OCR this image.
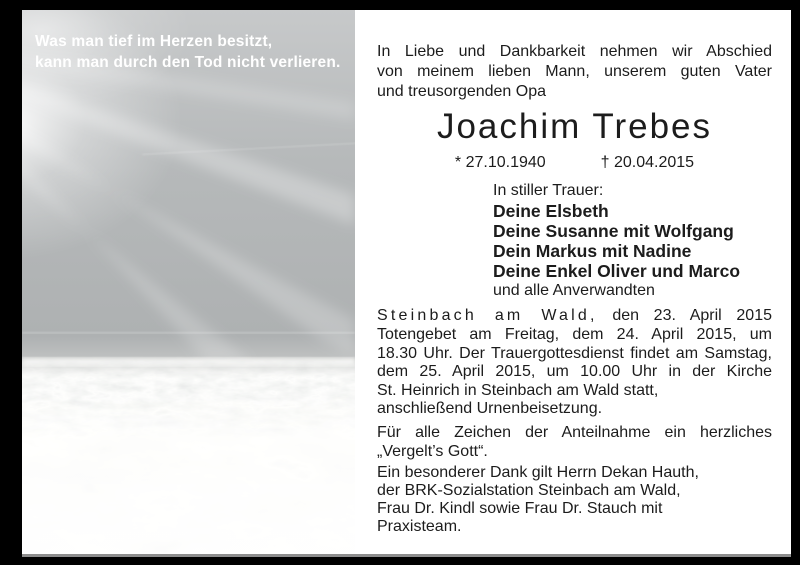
Was man tief im Herzen besitzt,
kann man durch den Tod nicht verlieren.
In Liebe und Dankbarkeit nehmen wir Abschied
von meinem lieben Mann, unserem guten Vater
und treusorgenden Opa
Joachim Trebes
* 27.10.1940	† 20.04.2015
In stiller Trauer:
Deine Elsbeth
Deine Susanne mit Wolfgang
Dein Markus mit Nadine
Deine Enkel Oliver und Marco
und alle Anverwandten
Steinbach am Wald, den 23. April 2015
Totengebet am Freitag, dem 24. April 2015, um
18.30 Uhr. Der Trauergottesdienst findet am Samstag,
dem 25. April 2015, um 10.00 Uhr in der Kirche
St. Heinrich in Steinbach am Wald statt,
anschließend Urnenbeisetzung.
Für alle Zeichen der Anteilnahme ein herzliches
„Vergelt’s Gott“.
Ein besonderer Dank gilt Herrn Dekan Hauth,
der BRK-Sozialstation Steinbach am Wald,
Frau Dr. Kindl sowie Frau Dr. Stauch mit
Praxisteam.
